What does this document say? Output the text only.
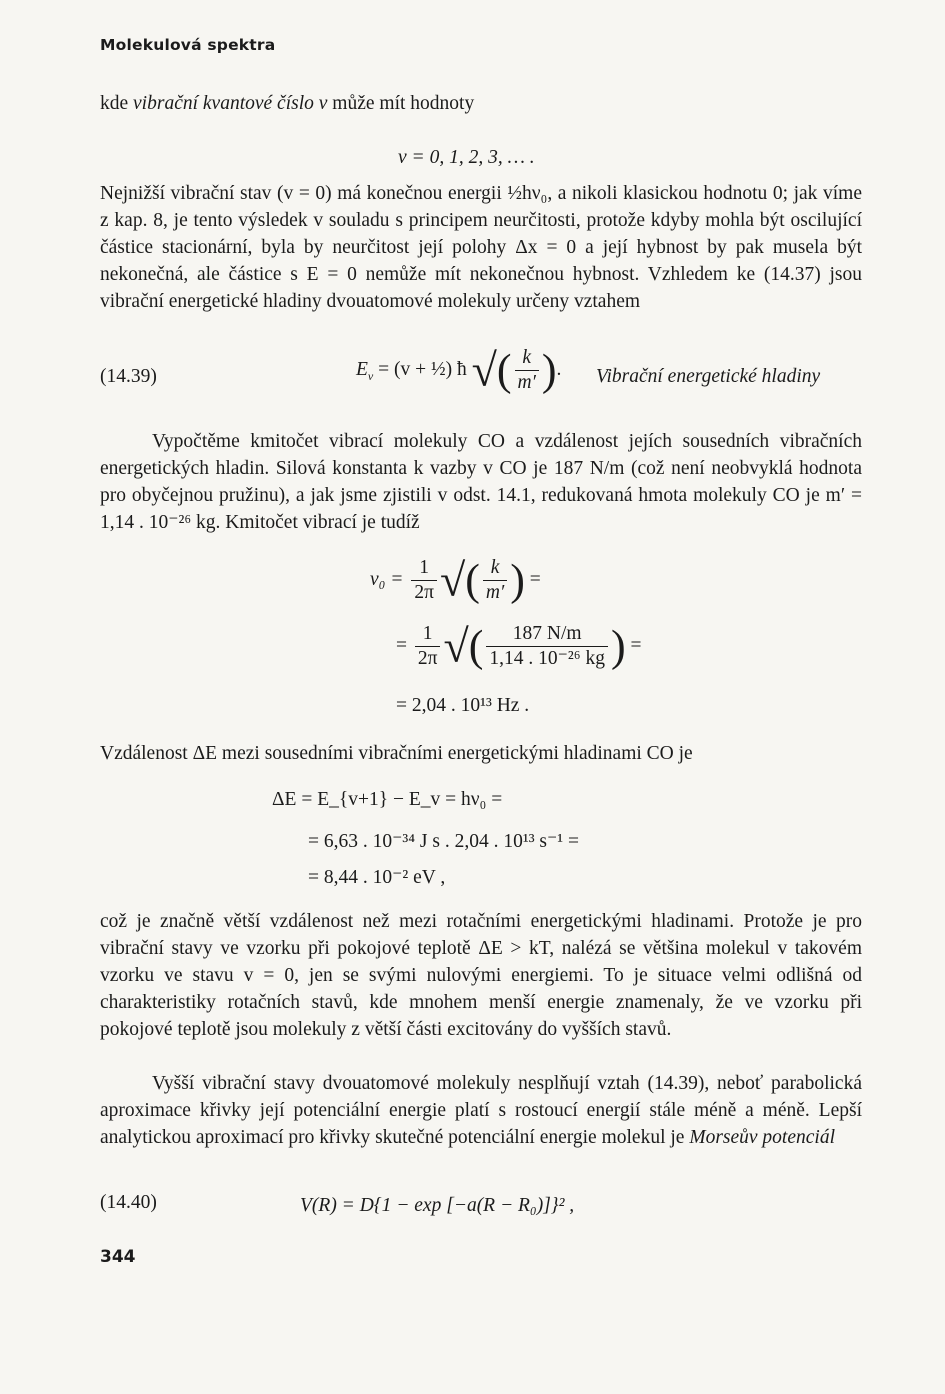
Molekulová spektra
kde vibrační kvantové číslo v může mít hodnoty
v = 0, 1, 2, 3, … .
Nejnižší vibrační stav (v = 0) má konečnou energii ½hν₀, a nikoli klasickou hodnotu 0; jak víme z kap. 8, je tento výsledek v souladu s principem neurčitosti, protože kdyby mohla být oscilující částice stacionární, byla by neurčitost její polohy Δx = 0 a její hybnost by pak musela být nekonečná, ale částice s E = 0 nemůže mít nekonečnou hybnost. Vzhledem ke (14.37) jsou vibrační energetické hladiny dvouatomové molekuly určeny vztahem
(14.39)	$E_v = (v$ + ½) ħ √( $\frac{k}{m'}$ ). Vibrační energetické hladiny
Vypočtěme kmitočet vibrací molekuly CO a vzdálenost jejích sousedních vibračních energetických hladin. Silová konstanta k vazby v CO je 187 N/m (což není neobvyklá hodnota pro obyčejnou pružinu), a jak jsme zjistili v odst. 14.1, redukovaná hmota molekuly CO je m′ = 1,14 . 10⁻²⁶ kg. Kmitočet vibrací je tudíž
$\nu_0 = \frac{1}{2\pi}$ √( $\frac{k}{m'}$ ) =
= $\frac{1}{2\pi}$ √( $\frac{187 N/m}{\text{1,14 . 10⁻²⁶ kg}}$ ) =
= 2,04 . 10¹³ Hz .
Vzdálenost ΔE mezi sousedními vibračními energetickými hladinami CO je
ΔE = E_{v+1} − E_v = hν₀ =
= 6,63 . 10⁻³⁴ J s . 2,04 . 10¹³ s⁻¹ =
= 8,44 . 10⁻² eV ,
což je značně větší vzdálenost než mezi rotačními energetickými hladinami. Protože je pro vibrační stavy ve vzorku při pokojové teplotě ΔE > kT, nalézá se většina molekul v takovém vzorku ve stavu v = 0, jen se svými nulovými energiemi. To je situace velmi odlišná od charakteristiky rotačních stavů, kde mnohem menší energie znamenaly, že ve vzorku při pokojové teplotě jsou molekuly z větší části excitovány do vyšších stavů.
Vyšší vibrační stavy dvouatomové molekuly nesplňují vztah (14.39), neboť parabolická aproximace křivky její potenciální energie platí s rostoucí energií stále méně a méně. Lepší analytickou aproximací pro křivky skutečné potenciální energie molekul je Morseův potenciál
(14.40)	V(R) = D{1 − exp [−a(R − R₀)]}² ,
344
